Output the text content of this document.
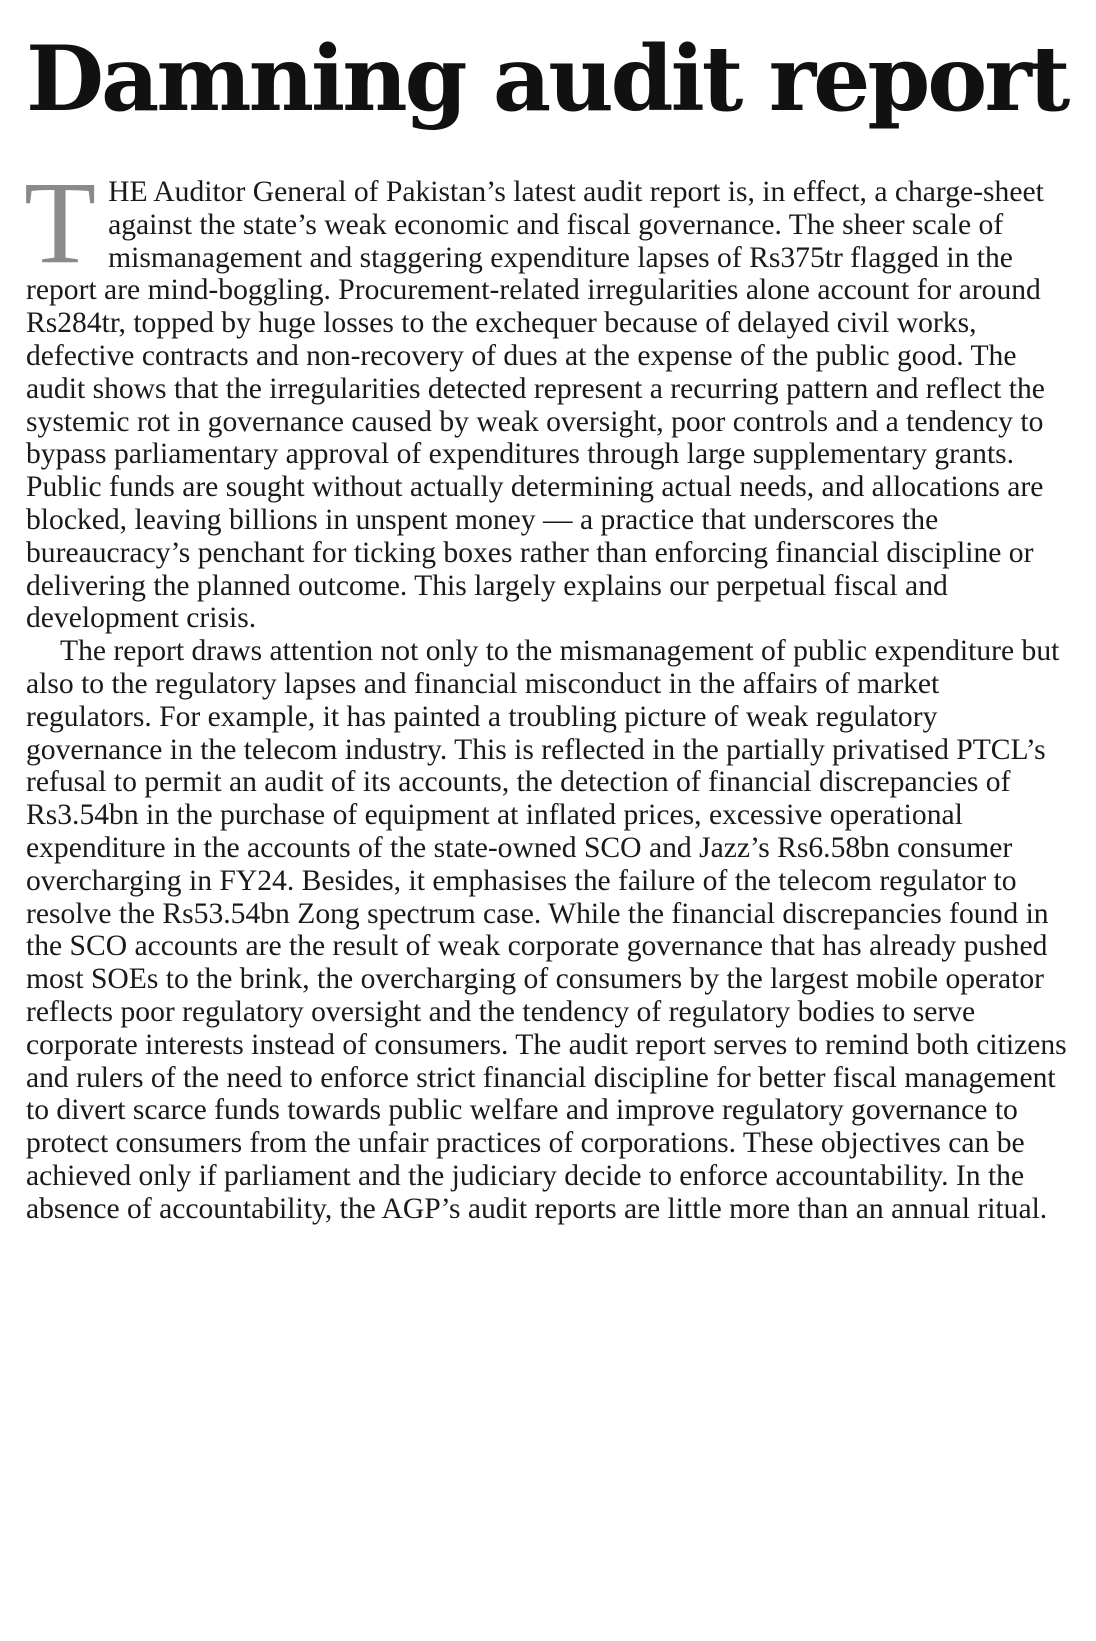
Damning audit report

THE Auditor General of Pakistan’s latest audit report is, in effect, a charge-sheet against the state’s weak economic and fiscal governance. The sheer scale of mismanagement and staggering expenditure lapses of Rs375tr flagged in the report are mind-boggling. Procurement-related irregularities alone account for around Rs284tr, topped by huge losses to the exchequer because of delayed civil works, defective contracts and non-recovery of dues at the expense of the public good. The audit shows that the irregularities detected represent a recurring pattern and reflect the systemic rot in governance caused by weak oversight, poor controls and a tendency to bypass parliamentary approval of expenditures through large supplementary grants. Public funds are sought without actually determining actual needs, and allocations are blocked, leaving billions in unspent money — a practice that underscores the bureaucracy’s penchant for ticking boxes rather than enforcing financial discipline or delivering the planned outcome. This largely explains our perpetual fiscal and development crisis.

The report draws attention not only to the mismanagement of public expenditure but also to the regulatory lapses and financial misconduct in the affairs of market regulators. For example, it has painted a troubling picture of weak regulatory governance in the telecom industry. This is reflected in the partially privatised PTCL’s refusal to permit an audit of its accounts, the detection of financial discrepancies of Rs3.54bn in the purchase of equipment at inflated prices, excessive operational expenditure in the accounts of the state-owned SCO and Jazz’s Rs6.58bn consumer overcharging in FY24. Besides, it emphasises the failure of the telecom regulator to resolve the Rs53.54bn Zong spectrum case. While the financial discrepancies found in the SCO accounts are the result of weak corporate governance that has already pushed most SOEs to the brink, the overcharging of consumers by the largest mobile operator reflects poor regulatory oversight and the tendency of regulatory bodies to serve corporate interests instead of consumers. The audit report serves to remind both citizens and rulers of the need to enforce strict financial discipline for better fiscal management to divert scarce funds towards public welfare and improve regulatory governance to protect consumers from the unfair practices of corporations. These objectives can be achieved only if parliament and the judiciary decide to enforce accountability. In the absence of accountability, the AGP’s audit reports are little more than an annual ritual.
